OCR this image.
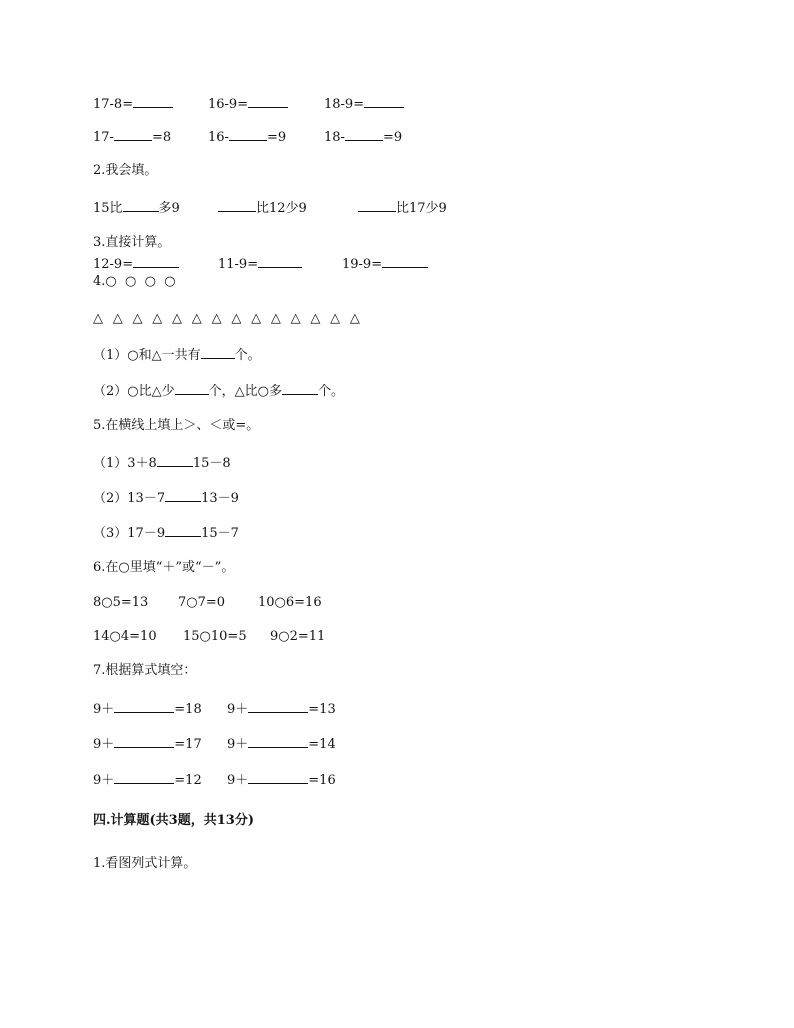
17-8=	16-9=	18-9=
17-	=8	16-	=9	18-	=9
2.我会填。
15比	多9	比12少9	比17少9
3.直接计算。
12-9=	11-9=	19-9=
4.○  ○  ○  ○
△  △  △  △  △  △  △  △  △  △  △  △  △  △
（1）○和△一共有	个。
（2）○比△少	个，△比○多	个。
5.在横线上填上＞、＜或=。
（1）3＋8	15－8
（2）13－7	13－9
（3）17－9	15－7
6.在○里填“＋”或“－”。
8○5=13 7○7=0	10○6=16
14○4=10 15○10=5 9○2=11
7.根据算式填空：
9＋	=18 9＋	=13
9＋	=17 9＋	=14
9＋	=12 9＋	=16
四.计算题(共3题，共13分)
1.看图列式计算。
